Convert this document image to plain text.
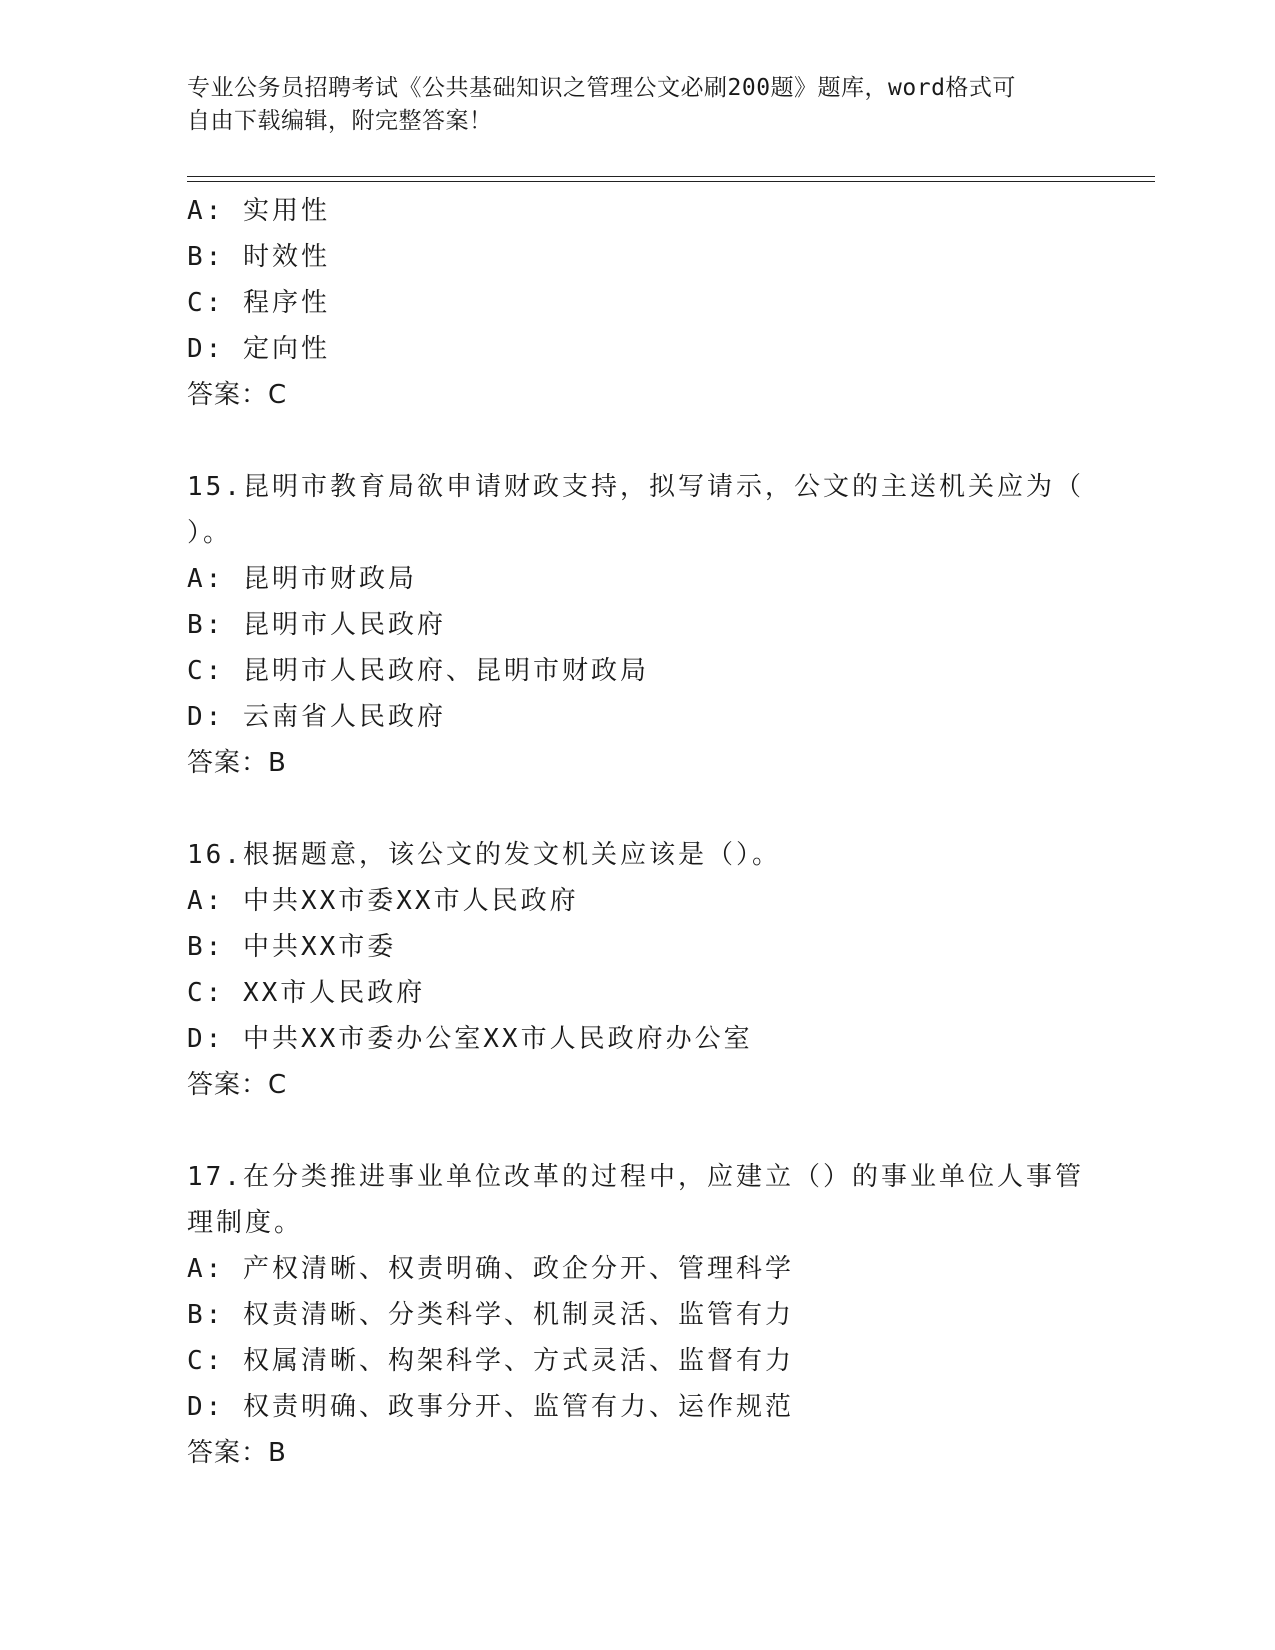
专业公务员招聘考试《公共基础知识之管理公文必刷200题》题库，word格式可
自由下载编辑，附完整答案！
A: 实用性
B: 时效性
C: 程序性
D: 定向性
答案：C
15.昆明市教育局欲申请财政支持，拟写请示，公文的主送机关应为（
）。
A: 昆明市财政局
B: 昆明市人民政府
C: 昆明市人民政府、昆明市财政局
D: 云南省人民政府
答案：B
16.根据题意，该公文的发文机关应该是（）。
A: 中共XX市委XX市人民政府
B: 中共XX市委
C: XX市人民政府
D: 中共XX市委办公室XX市人民政府办公室
答案：C
17.在分类推进事业单位改革的过程中，应建立（）的事业单位人事管
理制度。
A: 产权清晰、权责明确、政企分开、管理科学
B: 权责清晰、分类科学、机制灵活、监管有力
C: 权属清晰、构架科学、方式灵活、监督有力
D: 权责明确、政事分开、监管有力、运作规范
答案：B
